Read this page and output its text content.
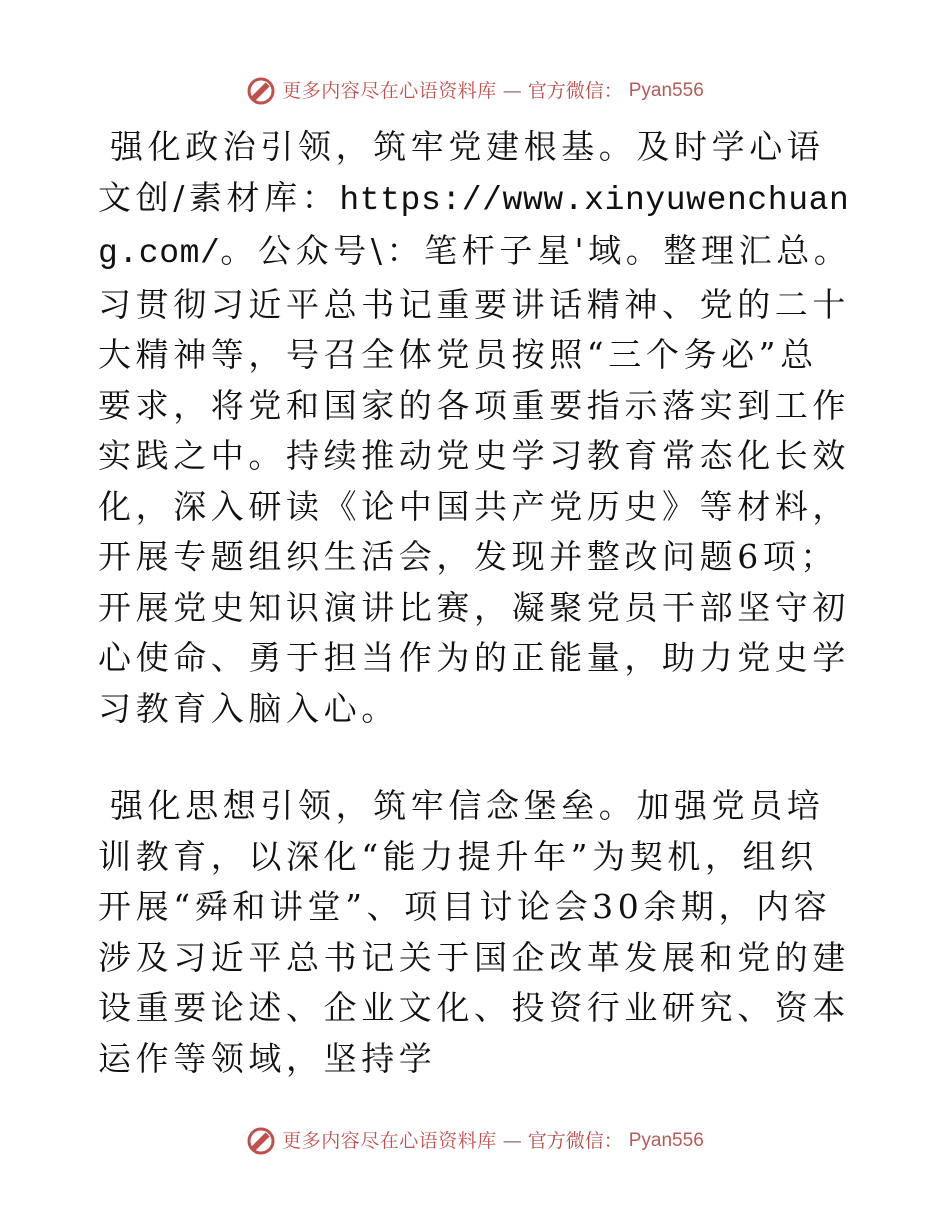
更多内容尽在心语资料库 — 官方微信： Pyan556
强化政治引领，筑牢党建根基。及时学心语文创/素材库：https://www.xinyuwenchuang.com/。公众号\：笔杆子星'域。整理汇总。习贯彻习近平总书记重要讲话精神、党的二十大精神等，号召全体党员按照“三个务必”总要求，将党和国家的各项重要指示落实到工作实践之中。持续推动党史学习教育常态化长效化，深入研读《论中国共产党历史》等材料，开展专题组织生活会，发现并整改问题6项；开展党史知识演讲比赛，凝聚党员干部坚守初心使命、勇于担当作为的正能量，助力党史学习教育入脑入心。
强化思想引领，筑牢信念堡垒。加强党员培训教育，以深化“能力提升年”为契机，组织开展“舜和讲堂”、项目讨论会30余期，内容涉及习近平总书记关于国企改革发展和党的建设重要论述、企业文化、投资行业研究、资本运作等领域，坚持学
更多内容尽在心语资料库 — 官方微信： Pyan556
